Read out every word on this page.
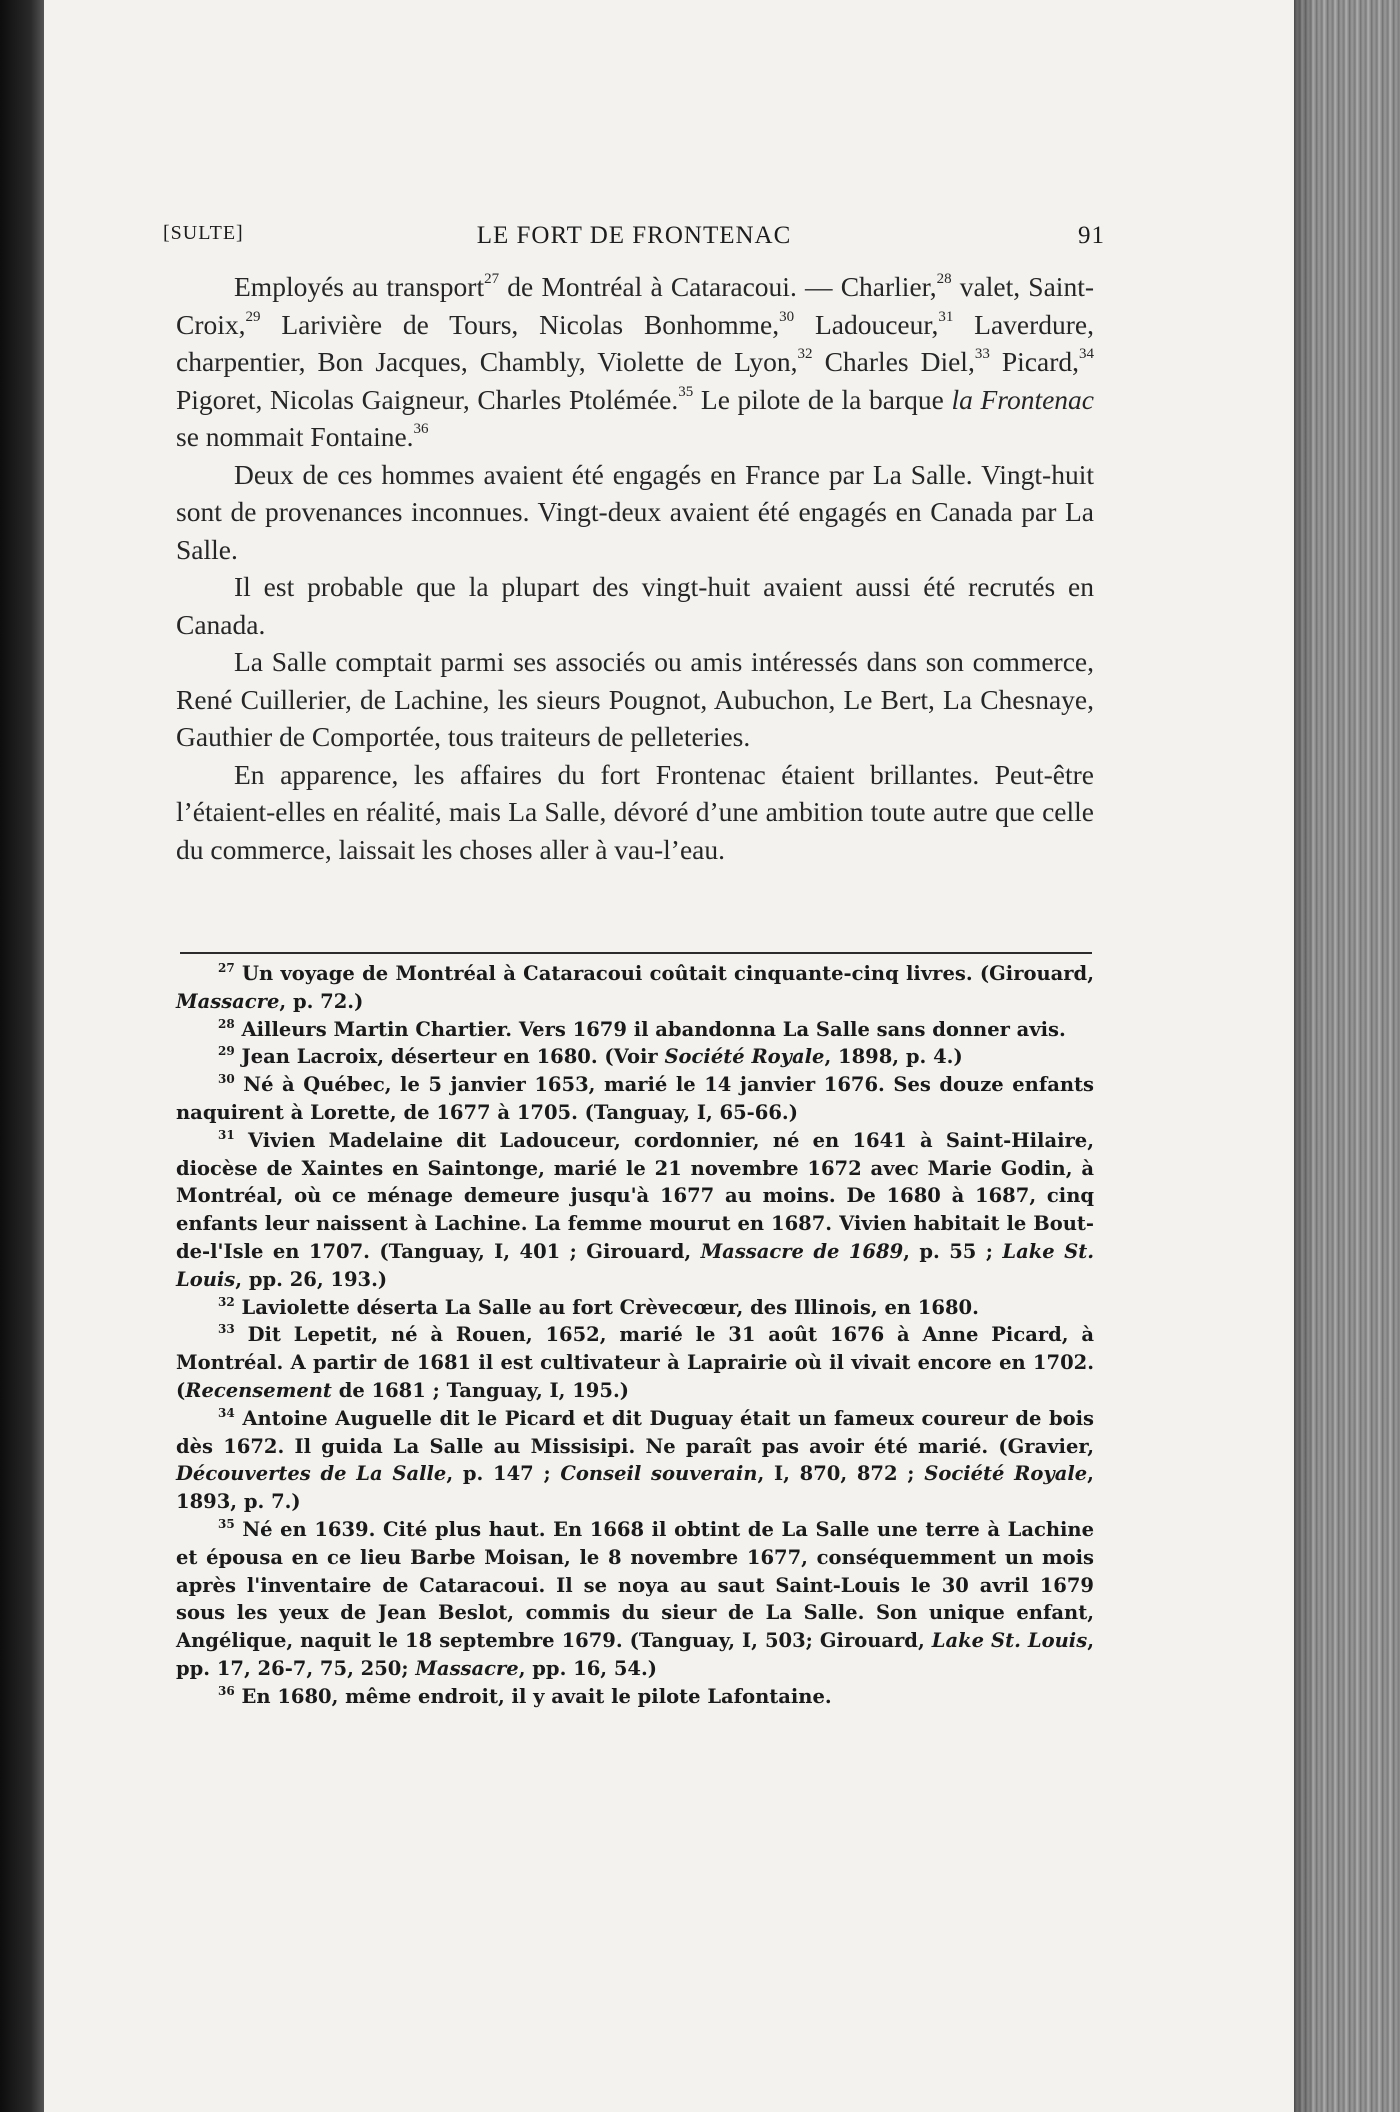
[SULTE]	LE FORT DE FRONTENAC	91

Employés au transport$^{27}$ de Montréal à Cataracoui. — Charlier,$^{28}$ valet, Saint-Croix,$^{29}$ Larivière de Tours, Nicolas Bonhomme,$^{30}$ Ladouceur,$^{31}$ Laverdure, charpentier, Bon Jacques, Chambly, Violette de Lyon,$^{32}$ Charles Diel,$^{33}$ Picard,$^{34}$ Pigoret, Nicolas Gaigneur, Charles Ptolémée.$^{35}$ Le pilote de la barque la Frontenac se nommait Fontaine.$^{36}$

Deux de ces hommes avaient été engagés en France par La Salle. Vingt-huit sont de provenances inconnues. Vingt-deux avaient été engagés en Canada par La Salle.

Il est probable que la plupart des vingt-huit avaient aussi été recrutés en Canada.

La Salle comptait parmi ses associés ou amis intéressés dans son commerce, René Cuillerier, de Lachine, les sieurs Pougnot, Aubuchon, Le Bert, La Chesnaye, Gauthier de Comportée, tous traiteurs de pelleteries.

En apparence, les affaires du fort Frontenac étaient brillantes. Peut-être l’étaient-elles en réalité, mais La Salle, dévoré d’une ambition toute autre que celle du commerce, laissait les choses aller à vau-l’eau.

$^{27}$ Un voyage de Montréal à Cataracoui coûtait cinquante-cinq livres. (Girouard, Massacre, p. 72.)

$^{28}$ Ailleurs Martin Chartier. Vers 1679 il abandonna La Salle sans donner avis.

$^{29}$ Jean Lacroix, déserteur en 1680. (Voir Société Royale, 1898, p. 4.)

$^{30}$ Né à Québec, le 5 janvier 1653, marié le 14 janvier 1676. Ses douze enfants naquirent à Lorette, de 1677 à 1705. (Tanguay, I, 65-66.)

$^{31}$ Vivien Madelaine dit Ladouceur, cordonnier, né en 1641 à Saint-Hilaire, diocèse de Xaintes en Saintonge, marié le 21 novembre 1672 avec Marie Godin, à Montréal, où ce ménage demeure jusqu'à 1677 au moins. De 1680 à 1687, cinq enfants leur naissent à Lachine. La femme mourut en 1687. Vivien habitait le Bout-de-l'Isle en 1707. (Tanguay, I, 401 ; Girouard, Massacre de 1689, p. 55 ; Lake St. Louis, pp. 26, 193.)

$^{32}$ Laviolette déserta La Salle au fort Crèvecœur, des Illinois, en 1680.

$^{33}$ Dit Lepetit, né à Rouen, 1652, marié le 31 août 1676 à Anne Picard, à Montréal. A partir de 1681 il est cultivateur à Laprairie où il vivait encore en 1702. (Recensement de 1681 ; Tanguay, I, 195.)

$^{34}$ Antoine Auguelle dit le Picard et dit Duguay était un fameux coureur de bois dès 1672. Il guida La Salle au Missisipi. Ne paraît pas avoir été marié. (Gravier, Découvertes de La Salle, p. 147 ; Conseil souverain, I, 870, 872 ; Société Royale, 1893, p. 7.)

$^{35}$ Né en 1639. Cité plus haut. En 1668 il obtint de La Salle une terre à Lachine et épousa en ce lieu Barbe Moisan, le 8 novembre 1677, conséquemment un mois après l'inventaire de Cataracoui. Il se noya au saut Saint-Louis le 30 avril 1679 sous les yeux de Jean Beslot, commis du sieur de La Salle. Son unique enfant, Angélique, naquit le 18 septembre 1679. (Tanguay, I, 503; Girouard, Lake St. Louis, pp. 17, 26-7, 75, 250; Massacre, pp. 16, 54.)

$^{36}$ En 1680, même endroit, il y avait le pilote Lafontaine.
